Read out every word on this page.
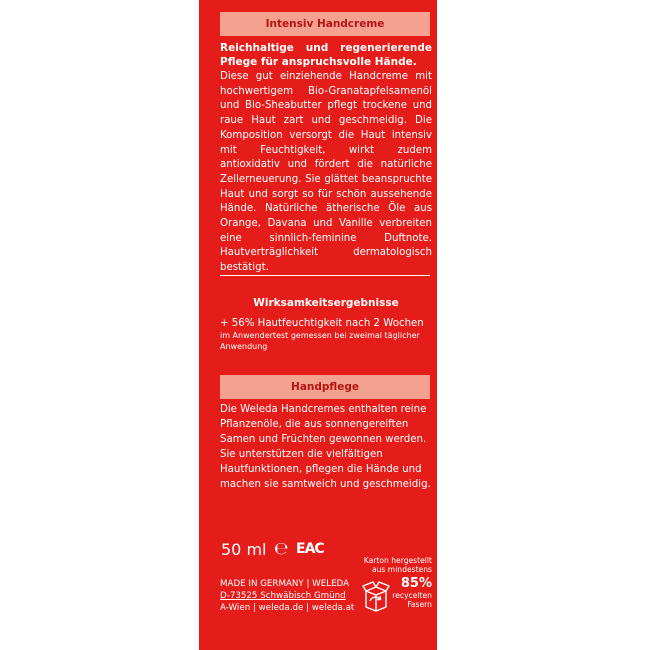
Intensiv Handcreme
Reichhaltige und regenerierende Pflege für anspruchsvolle Hände.
Diese gut einziehende Handcreme mit hochwertigem Bio-Granatapfelsamenöl und Bio-Sheabutter pflegt trockene und raue Haut zart und geschmeidig. Die Komposition versorgt die Haut intensiv mit Feuchtigkeit, wirkt zudem antioxidativ und fördert die natürliche Zellerneuerung. Sie glättet beanspruchte Haut und sorgt so für schön aussehende Hände. Natürliche ätherische Öle aus Orange, Davana und Vanille verbreiten eine sinnlich-feminine Duftnote. Hautverträglichkeit dermatologisch bestätigt.
Wirksamkeitsergebnisse
+ 56% Hautfeuchtigkeit nach 2 Wochen
im Anwendertest gemessen bei zweimal täglicher Anwendung
Handpflege
Die Weleda Handcremes enthalten reine Pflanzenöle, die aus sonnengereiften Samen und Früchten gewonnen werden. Sie unterstützen die vielfältigen Hautfunktionen, pflegen die Hände und machen sie samtweich und geschmeidig.
50 ml ℮ EAC
MADE IN GERMANY | WELEDA
D-73525 Schwäbisch Gmünd
A-Wien | weleda.de | weleda.at
Karton hergestellt aus mindestens
85%
recycelten Fasern
